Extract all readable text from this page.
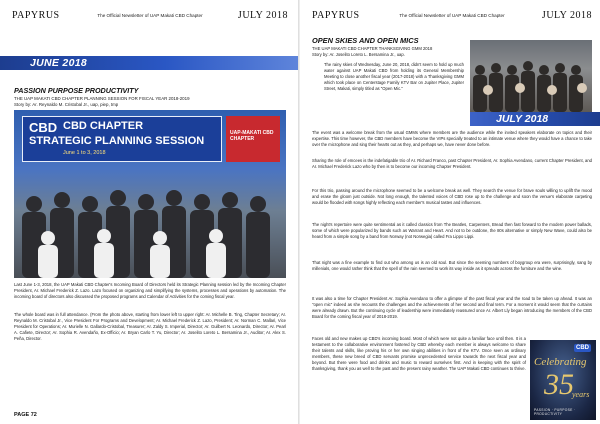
PAPYRUS	The Official Newsletter of UAP Makati CBD Chapter	JULY 2018
JUNE 2018
PASSION PURPOSE PRODUCTIVITY
THE UAP MAKATI CBD CHAPTER PLANNING SESSION FOR FISCAL YEAR 2018-2019
Story by: Ar. Reynaldo M. Cristobal Jr., uap, piep, tmp
CBD CBD CHAPTER
STRATEGIC PLANNING SESSION
June 1 to 3, 2018
UAP-MAKATI CBD CHAPTER
Last June 1-3, 2018, the UAP Makati CBD Chapter's Incoming Board of Directors held its Strategic Planning session led by the Incoming Chapter President, Ar. Michael Frederick Z. Lazo. Lazo focused on organizing and simplifying the systems, processes and operations by automation. The incoming board of directors also discussed the proposed programs and Calendar of Activities for the coming fiscal year.
The whole board was in full attendance. (From the photo above, starting from lower left to upper right: Ar. Michelle B. Ting, Chapter Secretary; Ar. Reynaldo M. Cristobal Jr., Vice President For Programs and Development; Ar. Michael Frederick Z. Lazo, President; Ar. Norman C. Mallari, Vice President for Operations; Ar. Murielle N. Gallardo-Cristobal, Treasurer; Ar. Zaldy S. Imperial, Director; Ar. Guilbert N. Leonardo, Director; Ar. Pearl A. Cafiete, Director; Ar. Sophia R. Avendaño, Ex-Officio; Ar. Bryan Carlo T. Yu, Director; Ar. Joselito Loreto L. Bersamina Jr., Auditor; Ar. Alex S. Peña, Director.
PAGE 72
PAPYRUS	The Official Newsletter of UAP Makati CBD Chapter	JULY 2018
OPEN SKIES AND OPEN MICS
THE UAP MAKATI CBD CHAPTER THANKSGIVING GMM 2018
Story by: Ar. Joselito Loreto L. Bersamina Jr., uap.
JULY 2018
The rainy skies of Wednesday, June 20, 2018, didn't seem to hold up much water against UAP Makati CBD from holding its General Membership Meeting to close another fiscal year (2017-2018) with a Thanksgiving GMM which took place on Centerstage Family KTV Bar on Jupiter Place, Jupiter Street, Makati, simply titled as "Open Mic."
The event was a welcome break from the usual GMMs where members are the audience while the invited speakers elaborate on topics and their expertise. This time however, the CBD members have become the VIPs specially treated to an intimate venue where they would have a chance to take over the microphone and sing their hearts out as they, and perhaps we, have never done before.
Sharing the role of emcees is the indefatigable trio of Ar. Richard Franco, past Chapter President, Ar. Sophia Avendano, current Chapter President, and Ar. Michael Frederick Lazo who by then is to become our incoming Chapter President.
For this trio, passing around the microphone seemed to be a welcome break as well. They search the venue for brave souls willing to uplift the mood and erase the gloom just outside. Not long enough, the talented voices of CBD rose up to the challenge and soon the venue's elaborate carpeting would be flooded with songs highly reflecting each member's musical tastes and influences.
The night's repertoire were quite sentimental as it called classics from The Beatles, Carpenters, Bread then fast forward to the modern power ballads, some of which were popularized by bands such as Warrant and Heart. And not to be outdone, the 80s alternative or simply New Wave, could also be heard from a simple song by a band from Norway (not Norwegia) called Fra Lippo Lippi.
That night was a fine example to find out who among us is an old soul. But since the seeming numbers of boygroup era were, surprisingly, sang by millenials, one would rather think that the spell of the rain seemed to work its way inside as it spreads across the furniture and the wine.
It was also a time for Chapter President Ar. Sophia Avendano to offer a glimpse of the past fiscal year and the road to be taken up ahead. It was an "open mic" indeed as she recounts the challenges and the achievements of her second and final term. For a moment it would seem that the curtains were already drawn. But the continuing cycle of leadership were immediately reassured once Ar. Albert Lly began introducing the members of the CBD Board for the coming fiscal year of 2018-2019.
Faces old and new makes up CBD's incoming board. Most of which were not quite a familiar face until then. It is a testament to the collaborative environment fostered by CBD whereby each member is always welcome to share their talents and skills, like proving his or her own singing abilities in front of the KTV. Once seen as ordinary members, these new breed of CBD servants promise unprecedented service towards the next fiscal year and beyond. But there were food and drinks and music to reward ourselves first. And in keeping with the spirit of thanksgiving, thank you as well to the past and the present rainy weather. The UAP Makati CBD continues to thrive.
CBD
Celebrating
35
years
PASSION · PURPOSE · PRODUCTIVITY
